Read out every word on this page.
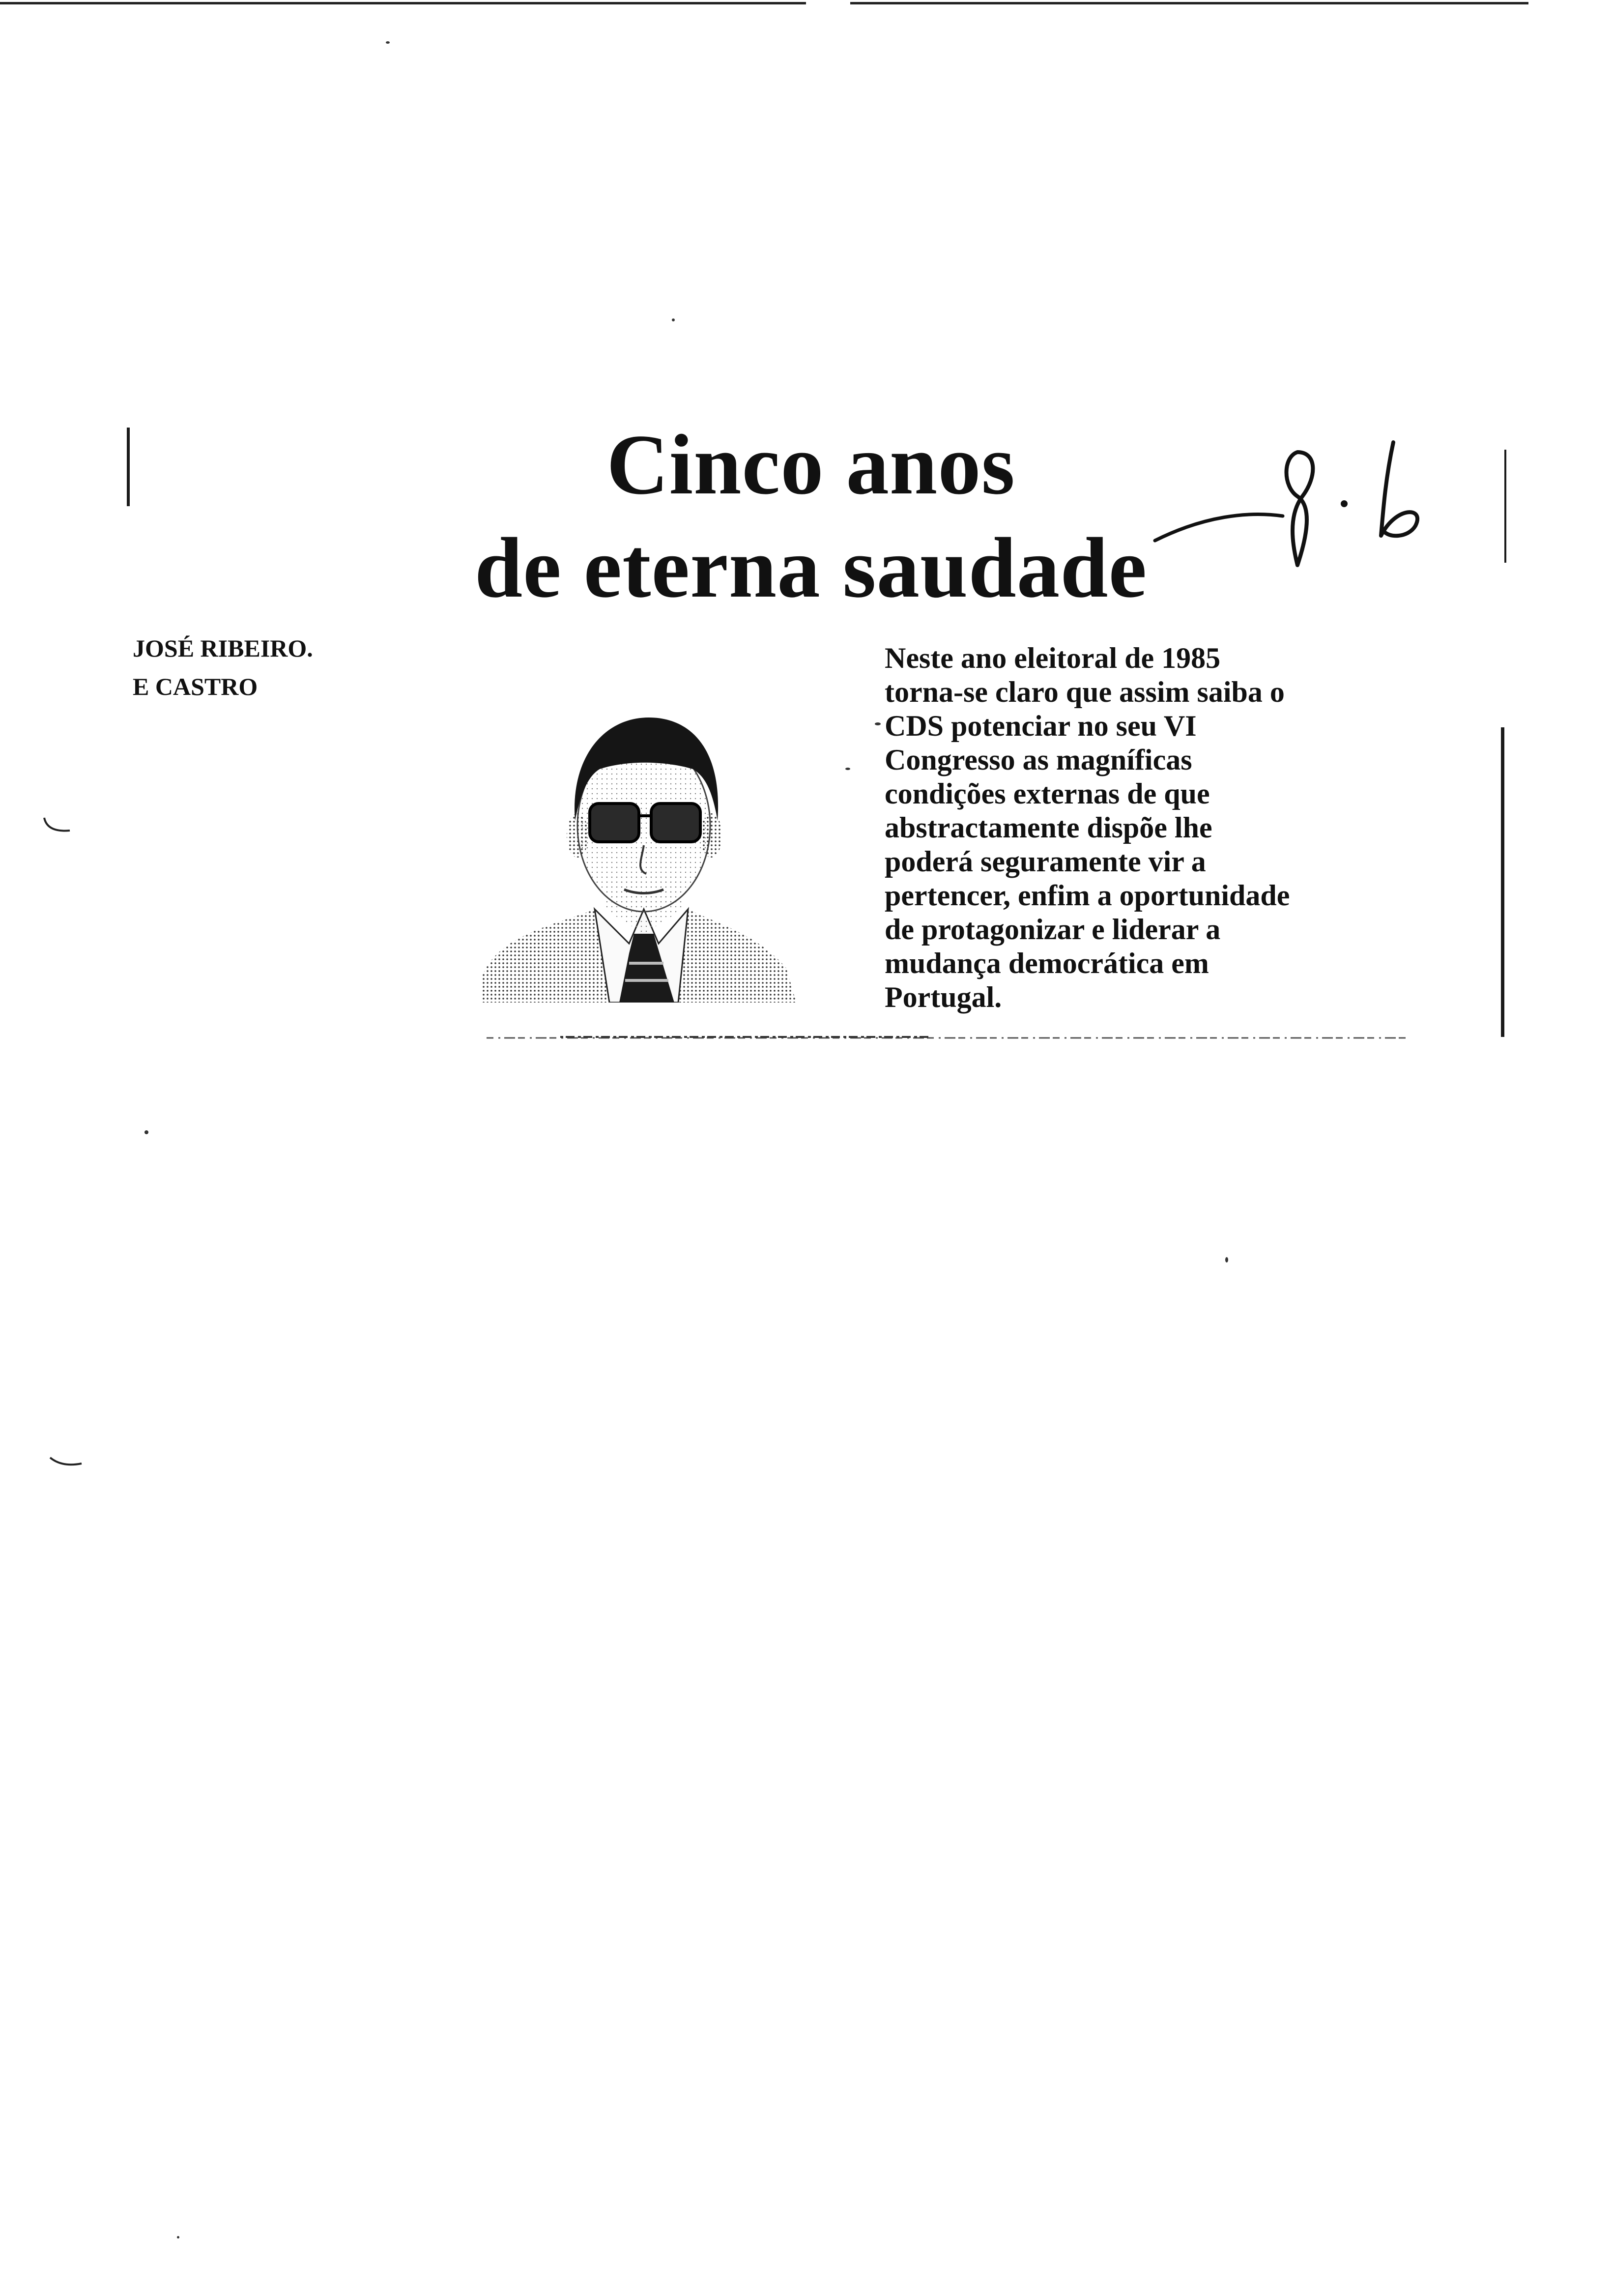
Cinco anos
de eterna saudade
JOSÉ RIBEIRO.
E CASTRO
Neste ano eleitoral de 1985
torna-se claro que assim saiba o
CDS potenciar no seu VI
Congresso as magníficas
condições externas de que
abstractamente dispõe lhe
poderá seguramente vir a
pertencer, enfim a oportunidade
de protagonizar e liderar a
mudança democrática em
Portugal.
